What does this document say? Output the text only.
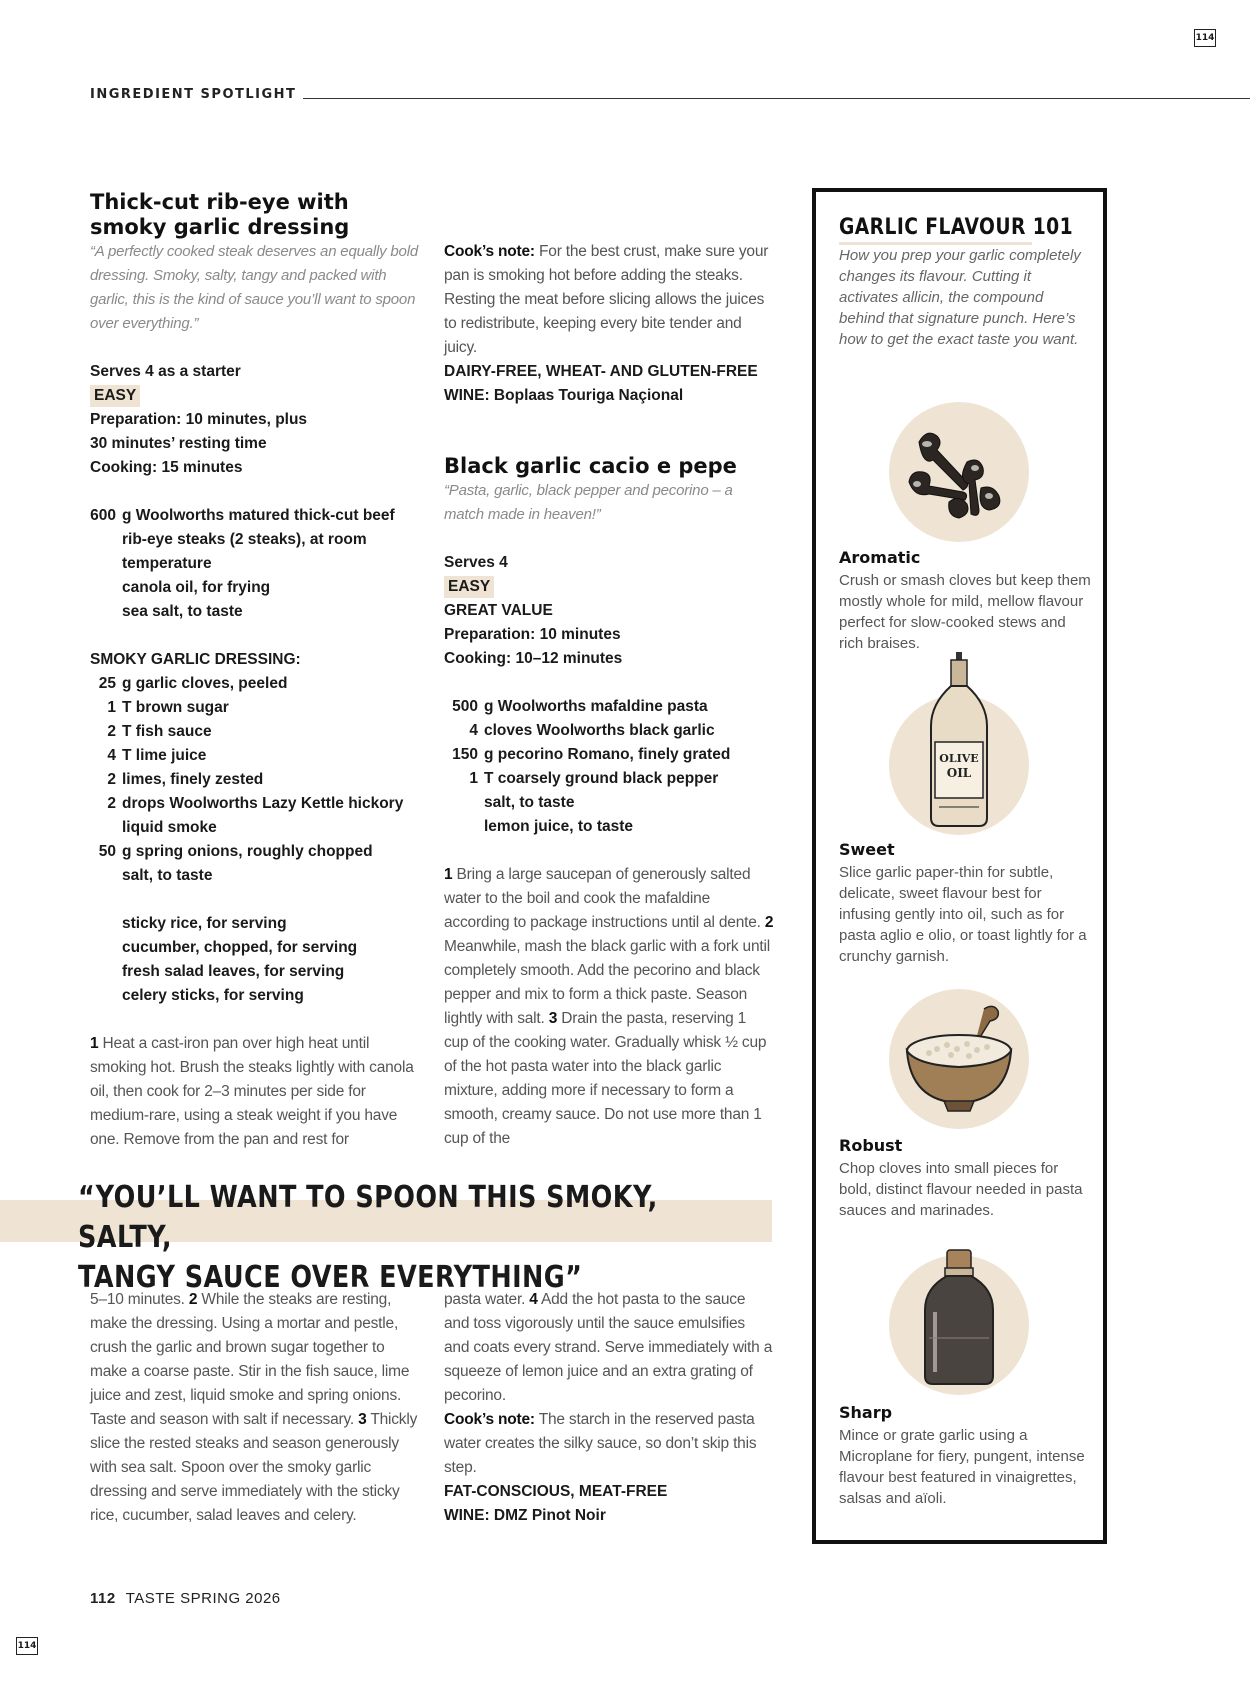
114
114
INGREDIENT SPOTLIGHT
Thick-cut rib-eye with
smoky garlic dressing

“A perfectly cooked steak deserves an equally bold dressing. Smoky, salty, tangy and packed with garlic, this is the kind of sauce you’ll want to spoon over everything.”

Serves 4 as a starter

EASY

Preparation: 10 minutes, plus

30 minutes’ resting time

Cooking: 15 minutes

600	g Woolworths matured thick-cut beef rib-eye steaks (2 steaks), at room temperature
	canola oil, for frying
	sea salt, to taste

SMOKY GARLIC DRESSING:

25	g garlic cloves, peeled
1	T brown sugar
2	T fish sauce
4	T lime juice
2	limes, finely zested
2	drops Woolworths Lazy Kettle hickory liquid smoke
50	g spring onions, roughly chopped
	salt, to taste

	sticky rice, for serving
	cucumber, chopped, for serving
	fresh salad leaves, for serving
	celery sticks, for serving

1 Heat a cast-iron pan over high heat until smoking hot. Brush the steaks lightly with canola oil, then cook for 2–3 minutes per side for medium-rare, using a steak weight if you have one. Remove from the pan and rest for

Cook’s note: For the best crust, make sure your pan is smoking hot before adding the steaks. Resting the meat before slicing allows the juices to redistribute, keeping every bite tender and juicy.

DAIRY-FREE, WHEAT- AND GLUTEN-FREE

WINE: Boplaas Touriga Naçional

Black garlic cacio e pepe

“Pasta, garlic, black pepper and pecorino – a match made in heaven!”

Serves 4

EASY

GREAT VALUE

Preparation: 10 minutes

Cooking: 10–12 minutes

500	g Woolworths mafaldine pasta
4	cloves Woolworths black garlic
150	g pecorino Romano, finely grated
1	T coarsely ground black pepper
	salt, to taste
	lemon juice, to taste

1 Bring a large saucepan of generously salted water to the boil and cook the mafaldine according to package instructions until al dente. 2 Meanwhile, mash the black garlic with a fork until completely smooth. Add the pecorino and black pepper and mix to form a thick paste. Season lightly with salt. 3 Drain the pasta, reserving 1 cup of the cooking water. Gradually whisk ½ cup of the hot pasta water into the black garlic mixture, adding more if necessary to form a smooth, creamy sauce. Do not use more than 1 cup of the

“YOU’LL WANT TO SPOON THIS SMOKY, SALTY,
TANGY SAUCE OVER EVERYTHING”

5–10 minutes. 2 While the steaks are resting, make the dressing. Using a mortar and pestle, crush the garlic and brown sugar together to make a coarse paste. Stir in the fish sauce, lime juice and zest, liquid smoke and spring onions. Taste and season with salt if necessary. 3 Thickly slice the rested steaks and season generously with sea salt. Spoon over the smoky garlic dressing and serve immediately with the sticky rice, cucumber, salad leaves and celery.

pasta water. 4 Add the hot pasta to the sauce and toss vigorously until the sauce emulsifies and coats every strand. Serve immediately with a squeeze of lemon juice and an extra grating of pecorino.

Cook’s note: The starch in the reserved pasta water creates the silky sauce, so don’t skip this step.

FAT-CONSCIOUS, MEAT-FREE

WINE: DMZ Pinot Noir

112 TASTE SPRING 2026
GARLIC FLAVOUR 101
How you prep your garlic completely changes its flavour. Cutting it activates allicin, the compound behind that signature punch. Here’s how to get the exact taste you want.
Aromatic
Crush or smash cloves but keep them mostly whole for mild, mellow flavour perfect for slow-cooked stews and rich braises.
OLIVE
OIL
Sweet
Slice garlic paper-thin for subtle, delicate, sweet flavour best for infusing gently into oil, such as for pasta aglio e olio, or toast lightly for a crunchy garnish.
Robust
Chop cloves into small pieces for bold, distinct flavour needed in pasta sauces and marinades.
Sharp
Mince or grate garlic using a Microplane for fiery, pungent, intense flavour best featured in vinaigrettes, salsas and aïoli.
